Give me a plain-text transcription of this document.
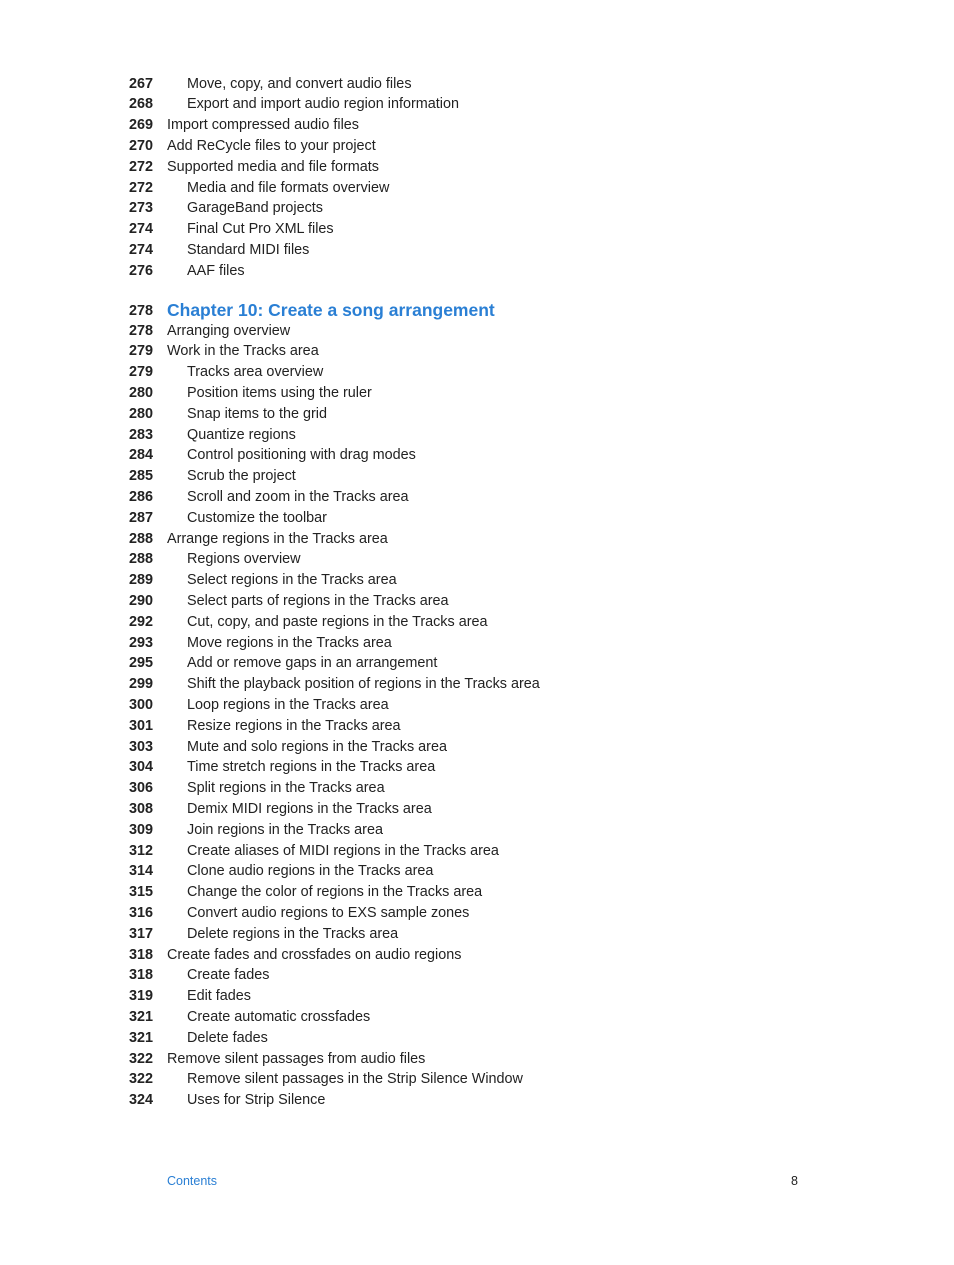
267	Move, copy, and convert audio files
268	Export and import audio region information
269 Import compressed audio files
270 Add ReCycle files to your project
272 Supported media and file formats
272	Media and file formats overview
273	GarageBand projects
274	Final Cut Pro XML files
274	Standard MIDI files
276	AAF files
278 Chapter 10: Create a song arrangement
278 Arranging overview
279 Work in the Tracks area
279	Tracks area overview
280	Position items using the ruler
280	Snap items to the grid
283	Quantize regions
284	Control positioning with drag modes
285	Scrub the project
286	Scroll and zoom in the Tracks area
287	Customize the toolbar
288 Arrange regions in the Tracks area
288	Regions overview
289	Select regions in the Tracks area
290	Select parts of regions in the Tracks area
292	Cut, copy, and paste regions in the Tracks area
293	Move regions in the Tracks area
295	Add or remove gaps in an arrangement
299	Shift the playback position of regions in the Tracks area
300	Loop regions in the Tracks area
301	Resize regions in the Tracks area
303	Mute and solo regions in the Tracks area
304	Time stretch regions in the Tracks area
306	Split regions in the Tracks area
308	Demix MIDI regions in the Tracks area
309	Join regions in the Tracks area
312	Create aliases of MIDI regions in the Tracks area
314	Clone audio regions in the Tracks area
315	Change the color of regions in the Tracks area
316	Convert audio regions to EXS sample zones
317	Delete regions in the Tracks area
318 Create fades and crossfades on audio regions
318	Create fades
319	Edit fades
321	Create automatic crossfades
321	Delete fades
322 Remove silent passages from audio files
322	Remove silent passages in the Strip Silence Window
324	Uses for Strip Silence
Contents	8
